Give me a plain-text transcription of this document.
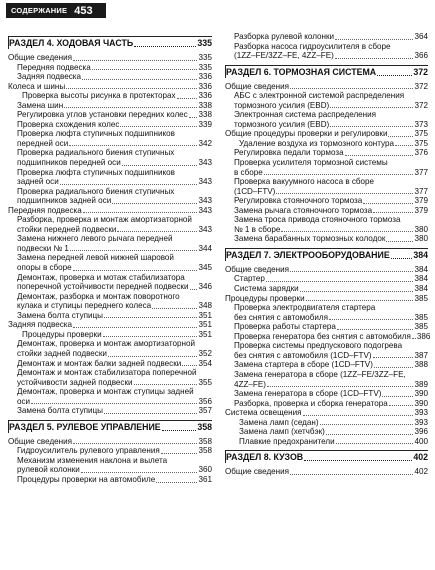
СОДЕРЖАНИЕ 453
РАЗДЕЛ 4. ХОДОВАЯ ЧАСТЬ	335
Общие сведения	335
Передняя подвеска	335
Задняя подвеска	336
Колеса и шины	336
Проверка высоты рисунка в протекторах	336
Замена шин	338
Регулировка углов установки передних колес 338
Проверка схождения колес	339
Проверка люфта ступичных подшипников
передней оси	342
Проверка радиального биения ступичных
подшипников передней оси	343
Проверка люфта ступичных подшипников
задней оси	343
Проверка радиального биения ступичных
подшипников задней оси	343
Передняя подвеска	343
Разборка, проверка и монтаж амортизаторной
стойки передней подвески	343
Замена нижнего левого рычага передней
подвески № 1	344
Замена передней левой нижней шаровой
опоры в сборе	345
Демонтаж, проверка и мотаж стабилизатора
поперечной устойчивости передней подвески 346
Демонтаж, разборка и монтаж поворотного
кулака и ступицы переднего колеса	348
Замена болта ступицы	351
Задняя подвеска	351
Процедуры проверки	351
Демонтаж, проверка и монтаж амортизаторной
стойки задней подвески	352
Демонтаж и монтаж балки задней подвески 354
Демонтаж и монтаж стабилизатора поперечной
устойчивости задней подвески	355
Демонтаж, проверка и монтаж ступицы задней
оси	356
Замена болта ступицы	357
РАЗДЕЛ 5. РУЛЕВОЕ УПРАВЛЕНИЕ	358
Общие сведения	358
Гидроусилитель рулевого управления	358
Механизм изменения наклона и вылета
рулевой колонки	360
Процедуры проверки на автомобиле	361
Разборка рулевой колонки	364
Разборка насоса гидроусилителя в сборе
(1ZZ–FE/3ZZ–FE, 4ZZ–FE)	366
РАЗДЕЛ 6. ТОРМОЗНАЯ СИСТЕМА	372
Общие сведения	372
АБС с электронной системой распределения
тормозного усилия (EBD)	372
Электронная система распределения
тормозного усилия (EBD)	373
Общие процедуры проверки и регулировки	375
Удаление воздуха из тормозного контура	375
Регулировка педали тормоза	376
Проверка усилителя тормозной системы
в сборе	377
Проверка вакуумного насоса в сборе
(1CD–FTV)	377
Регулировка стояночного тормоза	379
Замена рычага стояночного тормоза	379
Замена троса привода стояночного тормоза
№ 1 в сборе	380
Замена барабанных тормозных колодок	380
РАЗДЕЛ 7. ЭЛЕКТРООБОРУДОВАНИЕ	384
Общие сведения	384
Стартер	384
Система зарядки	384
Процедуры проверки	385
Проверка электродвигателя стартера
без снятия с автомобиля	385
Проверка работы стартера	385
Проверка генератора без снятия с автомобиля 386
Проверка системы предпускового подогрева
без снятия с автомобиля (1CD–FTV)	387
Замена стартера в сборе (1CD–FTV)	388
Замена генератора в сборе (1ZZ–FE/3ZZ–FE,
4ZZ–FE)	389
Замена генератора в сборе (1CD–FTV)	390
Разборка, проверка и сборка генератора	390
Система освещения	393
Замена ламп (седан)	393
Замена ламп (хетчбэк)	396
Плавкие предохранители	400
РАЗДЕЛ 8. КУЗОВ	402
Общие сведения	402
